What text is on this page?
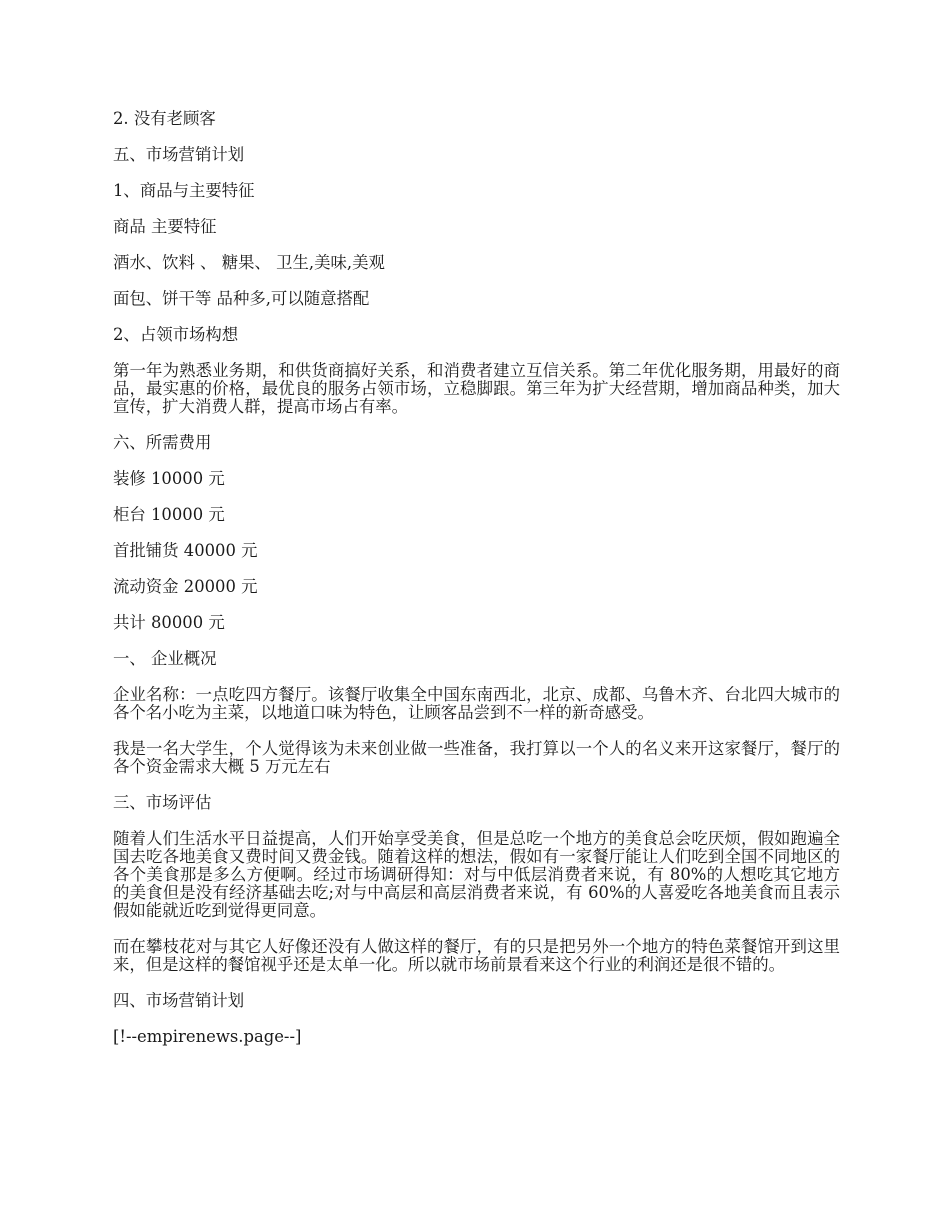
2. 没有老顾客

五、市场营销计划

1、商品与主要特征

商品 主要特征

酒水、饮料 、 糖果、 卫生,美味,美观

面包、饼干等 品种多,可以随意搭配

2、占领市场构想

第一年为熟悉业务期，和供货商搞好关系，和消费者建立互信关系。第二年优化服务期，用最好的商品，最实惠的价格，最优良的服务占领市场，立稳脚跟。第三年为扩大经营期，增加商品种类，加大宣传，扩大消费人群，提高市场占有率。

六、所需费用

装修 10000 元

柜台 10000 元

首批铺货 40000 元

流动资金 20000 元

共计 80000 元

一、 企业概况

企业名称：一点吃四方餐厅。该餐厅收集全中国东南西北，北京、成都、乌鲁木齐、台北四大城市的各个名小吃为主菜，以地道口味为特色，让顾客品尝到不一样的新奇感受。

我是一名大学生，个人觉得该为未来创业做一些准备，我打算以一个人的名义来开这家餐厅，餐厅的各个资金需求大概 5 万元左右

三、市场评估

随着人们生活水平日益提高，人们开始享受美食，但是总吃一个地方的美食总会吃厌烦，假如跑遍全国去吃各地美食又费时间又费金钱。随着这样的想法，假如有一家餐厅能让人们吃到全国不同地区的各个美食那是多么方便啊。经过市场调研得知：对与中低层消费者来说，有 80%的人想吃其它地方的美食但是没有经济基础去吃;对与中高层和高层消费者来说，有 60%的人喜爱吃各地美食而且表示假如能就近吃到觉得更同意。

而在攀枝花对与其它人好像还没有人做这样的餐厅，有的只是把另外一个地方的特色菜餐馆开到这里来，但是这样的餐馆视乎还是太单一化。所以就市场前景看来这个行业的利润还是很不错的。

四、市场营销计划

[!--empirenews.page--]
